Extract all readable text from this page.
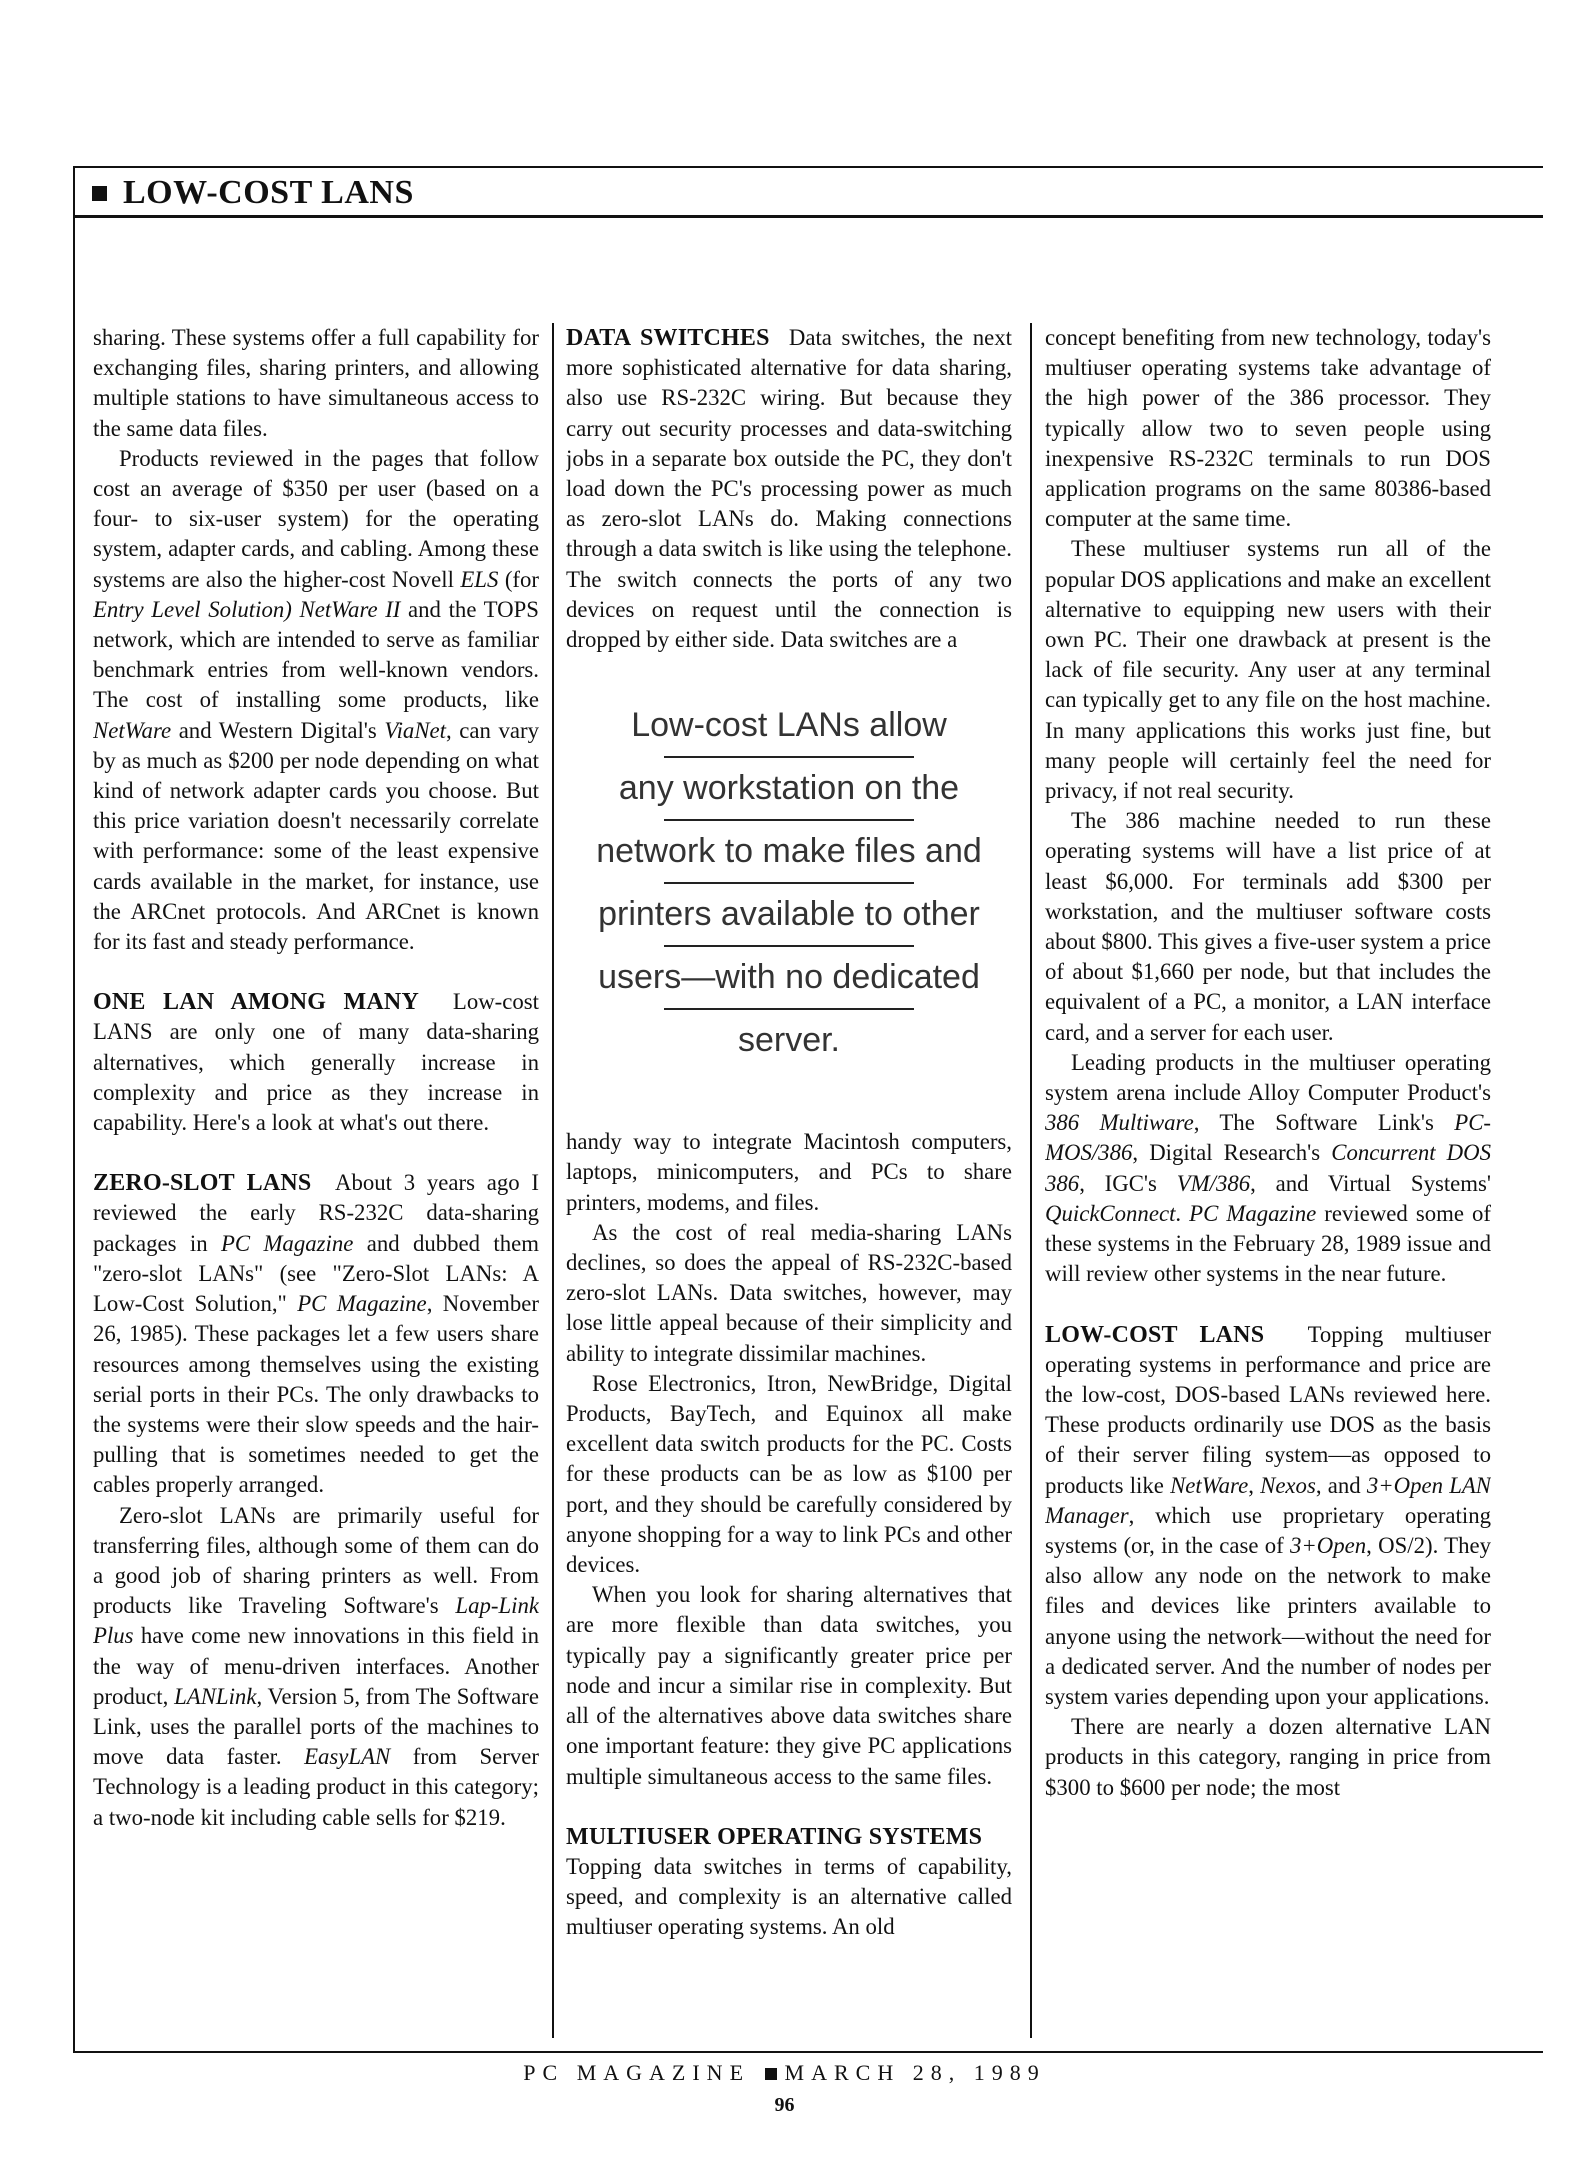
LOW-COST LANS

sharing. These systems offer a full capability for exchanging files, sharing printers, and allowing multiple stations to have simultaneous access to the same data files.

Products reviewed in the pages that follow cost an average of $350 per user (based on a four- to six-user system) for the operating system, adapter cards, and cabling. Among these systems are also the higher-cost Novell ELS (for Entry Level Solution) NetWare II and the TOPS network, which are intended to serve as familiar benchmark entries from well-known vendors. The cost of installing some products, like NetWare and Western Digital's ViaNet, can vary by as much as $200 per node depending on what kind of network adapter cards you choose. But this price variation doesn't necessarily correlate with performance: some of the least expensive cards available in the market, for instance, use the ARCnet protocols. And ARCnet is known for its fast and steady performance.

ONE LAN AMONG MANY Low-cost LANS are only one of many data-sharing alternatives, which generally increase in complexity and price as they increase in capability. Here's a look at what's out there.

ZERO-SLOT LANS About 3 years ago I reviewed the early RS-232C data-sharing packages in PC Magazine and dubbed them "zero-slot LANs" (see "Zero-Slot LANs: A Low-Cost Solution," PC Magazine, November 26, 1985). These packages let a few users share resources among themselves using the existing serial ports in their PCs. The only drawbacks to the systems were their slow speeds and the hair-pulling that is sometimes needed to get the cables properly arranged.

Zero-slot LANs are primarily useful for transferring files, although some of them can do a good job of sharing printers as well. From products like Traveling Software's Lap-Link Plus have come new innovations in this field in the way of menu-driven interfaces. Another product, LANLink, Version 5, from The Software Link, uses the parallel ports of the machines to move data faster. EasyLAN from Server Technology is a leading product in this category; a two-node kit including cable sells for $219.

DATA SWITCHES Data switches, the next more sophisticated alternative for data sharing, also use RS-232C wiring. But because they carry out security processes and data-switching jobs in a separate box outside the PC, they don't load down the PC's processing power as much as zero-slot LANs do. Making connections through a data switch is like using the telephone. The switch connects the ports of any two devices on request until the connection is dropped by either side. Data switches are a

Low-cost LANs allow
any workstation on the
network to make files and
printers available to other
users—with no dedicated
server.

handy way to integrate Macintosh computers, laptops, minicomputers, and PCs to share printers, modems, and files.

As the cost of real media-sharing LANs declines, so does the appeal of RS-232C-based zero-slot LANs. Data switches, however, may lose little appeal because of their simplicity and ability to integrate dissimilar machines.

Rose Electronics, Itron, NewBridge, Digital Products, BayTech, and Equinox all make excellent data switch products for the PC. Costs for these products can be as low as $100 per port, and they should be carefully considered by anyone shopping for a way to link PCs and other devices.

When you look for sharing alternatives that are more flexible than data switches, you typically pay a significantly greater price per node and incur a similar rise in complexity. But all of the alternatives above data switches share one important feature: they give PC applications multiple simultaneous access to the same files.

MULTIUSER OPERATING SYSTEMS

Topping data switches in terms of capability, speed, and complexity is an alternative called multiuser operating systems. An old

concept benefiting from new technology, today's multiuser operating systems take advantage of the high power of the 386 processor. They typically allow two to seven people using inexpensive RS-232C terminals to run DOS application programs on the same 80386-based computer at the same time.

These multiuser systems run all of the popular DOS applications and make an excellent alternative to equipping new users with their own PC. Their one drawback at present is the lack of file security. Any user at any terminal can typically get to any file on the host machine. In many applications this works just fine, but many people will certainly feel the need for privacy, if not real security.

The 386 machine needed to run these operating systems will have a list price of at least $6,000. For terminals add $300 per workstation, and the multiuser software costs about $800. This gives a five-user system a price of about $1,660 per node, but that includes the equivalent of a PC, a monitor, a LAN interface card, and a server for each user.

Leading products in the multiuser operating system arena include Alloy Computer Product's 386 Multiware, The Software Link's PC-MOS/386, Digital Research's Concurrent DOS 386, IGC's VM/386, and Virtual Systems' QuickConnect. PC Magazine reviewed some of these systems in the February 28, 1989 issue and will review other systems in the near future.

LOW-COST LANS Topping multiuser operating systems in performance and price are the low-cost, DOS-based LANs reviewed here. These products ordinarily use DOS as the basis of their server filing system—as opposed to products like NetWare, Nexos, and 3+Open LAN Manager, which use proprietary operating systems (or, in the case of 3+Open, OS/2). They also allow any node on the network to make files and devices like printers available to anyone using the network—without the need for a dedicated server. And the number of nodes per system varies depending upon your applications.

There are nearly a dozen alternative LAN products in this category, ranging in price from $300 to $600 per node; the most

PC MAGAZINE MARCH 28, 1989

96
